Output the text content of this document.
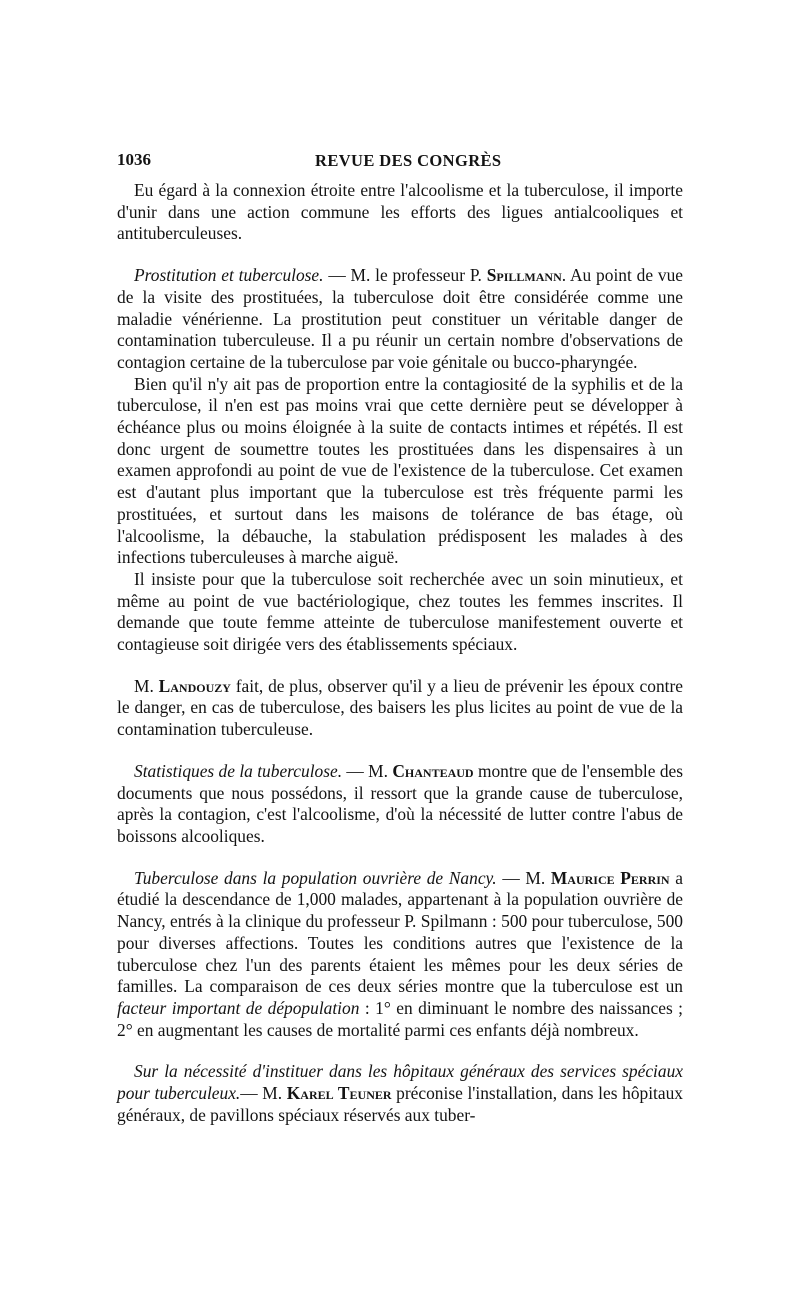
1036	REVUE DES CONGRÈS

Eu égard à la connexion étroite entre l'alcoolisme et la tuberculose, il importe d'unir dans une action commune les efforts des ligues antialcooliques et antituberculeuses.

Prostitution et tuberculose. — M. le professeur P. Spillmann. Au point de vue de la visite des prostituées, la tuberculose doit être considérée comme une maladie vénérienne. La prostitution peut constituer un véritable danger de contamination tuberculeuse. Il a pu réunir un certain nombre d'observations de contagion certaine de la tuberculose par voie génitale ou bucco-pharyngée.

Bien qu'il n'y ait pas de proportion entre la contagiosité de la syphilis et de la tuberculose, il n'en est pas moins vrai que cette dernière peut se développer à échéance plus ou moins éloignée à la suite de contacts intimes et répétés. Il est donc urgent de soumettre toutes les prostituées dans les dispensaires à un examen approfondi au point de vue de l'existence de la tuberculose. Cet examen est d'autant plus important que la tuberculose est très fréquente parmi les prostituées, et surtout dans les maisons de tolérance de bas étage, où l'alcoolisme, la débauche, la stabulation prédisposent les malades à des infections tuberculeuses à marche aiguë.

Il insiste pour que la tuberculose soit recherchée avec un soin minutieux, et même au point de vue bactériologique, chez toutes les femmes inscrites. Il demande que toute femme atteinte de tuberculose manifestement ouverte et contagieuse soit dirigée vers des établissements spéciaux.

M. Landouzy fait, de plus, observer qu'il y a lieu de prévenir les époux contre le danger, en cas de tuberculose, des baisers les plus licites au point de vue de la contamination tuberculeuse.

Statistiques de la tuberculose. — M. Chanteaud montre que de l'ensemble des documents que nous possédons, il ressort que la grande cause de tuberculose, après la contagion, c'est l'alcoolisme, d'où la nécessité de lutter contre l'abus de boissons alcooliques.

Tuberculose dans la population ouvrière de Nancy. — M. Maurice Perrin a étudié la descendance de 1,000 malades, appartenant à la population ouvrière de Nancy, entrés à la clinique du professeur P. Spilmann : 500 pour tuberculose, 500 pour diverses affections. Toutes les conditions autres que l'existence de la tuberculose chez l'un des parents étaient les mêmes pour les deux séries de familles. La comparaison de ces deux séries montre que la tuberculose est un facteur important de dépopulation : 1° en diminuant le nombre des naissances ; 2° en augmentant les causes de mortalité parmi ces enfants déjà nombreux.

Sur la nécessité d'instituer dans les hôpitaux généraux des services spéciaux pour tuberculeux.— M. Karel Teuner préconise l'installation, dans les hôpitaux généraux, de pavillons spéciaux réservés aux tuber-
